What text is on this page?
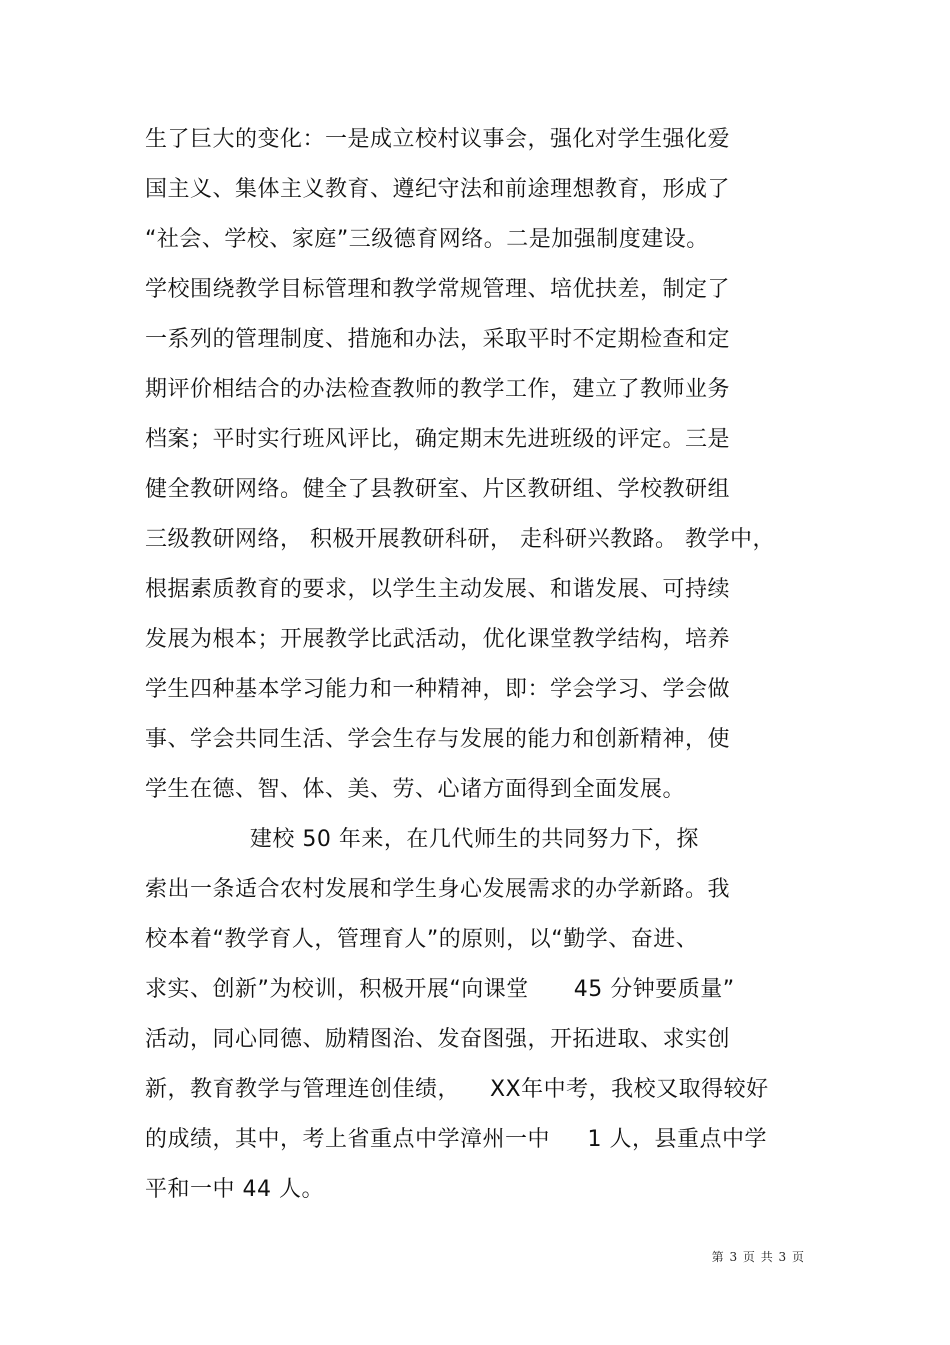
生了巨大的变化：一是成立校村议事会，强化对学生强化爱
国主义、集体主义教育、遵纪守法和前途理想教育，形成了
“社会、学校、家庭”三级德育网络。二是加强制度建设。
学校围绕教学目标管理和教学常规管理、培优扶差，制定了
一系列的管理制度、措施和办法，采取平时不定期检查和定
期评价相结合的办法检查教师的教学工作，建立了教师业务
档案；平时实行班风评比，确定期末先进班级的评定。三是
健全教研网络。健全了县教研室、片区教研组、学校教研组
三级教研网络， 积极开展教研科研， 走科研兴教路。 教学中，
根据素质教育的要求，以学生主动发展、和谐发展、可持续
发展为根本；开展教学比武活动，优化课堂教学结构，培养
学生四种基本学习能力和一种精神，即：学会学习、学会做
事、学会共同生活、学会生存与发展的能力和创新精神，使
学生在德、智、体、美、劳、心诸方面得到全面发展。
建校 50 年来，在几代师生的共同努力下，探
索出一条适合农村发展和学生身心发展需求的办学新路。我
校本着“教学育人，管理育人”的原则，以“勤学、奋进、
求实、创新”为校训，积极开展“向课堂      45 分钟要质量”
活动，同心同德、励精图治、发奋图强，开拓进取、求实创
新，教育教学与管理连创佳绩，    XX年中考，我校又取得较好
的成绩，其中，考上省重点中学漳州一中     1 人，县重点中学
平和一中 44 人。
第 3 页 共 3 页
